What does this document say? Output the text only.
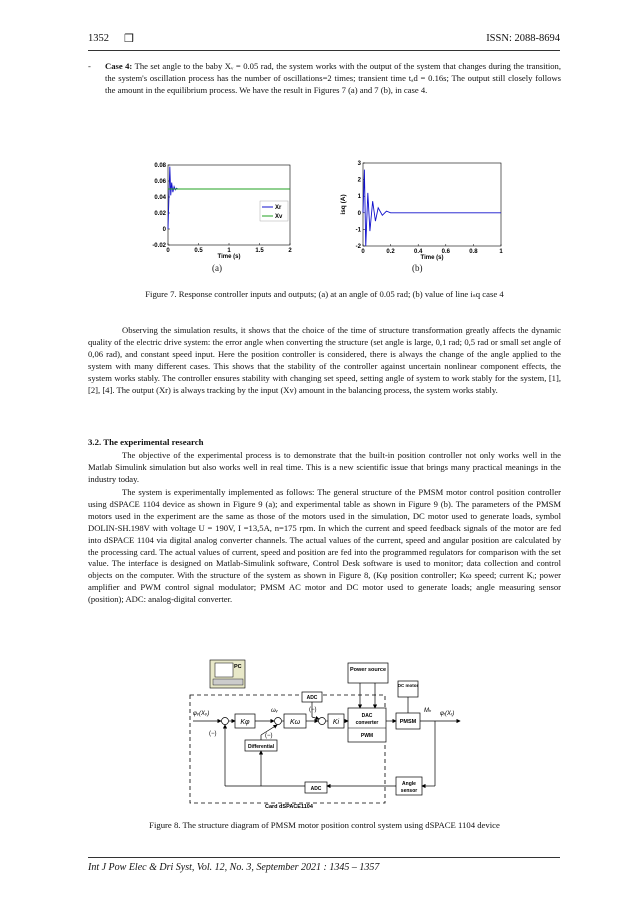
1352 ❒	ISSN: 2088-8694
- Case 4: The set angle to the baby Xᵥ = 0.05 rad, the system works with the output of the system that changes during the transition, the system's oscillation process has the number of oscillations=2 times; transient time tₐd = 0.16s; The output still closely follows the amount in the equilibrium process. We have the result in Figures 7 (a) and 7 (b), in case 4.
0	0.5	1	1.5	2
-0.02
0
0.02
0.04
0.06
0.08
Time (s)
Xr
Xv
0	0.2	0.4	0.6	0.8	1
-2
-1
0
1
2
3
Time (s)
isq (A)
(a)	(b)
Figure 7. Response controller inputs and outputs; (a) at an angle of 0.05 rad; (b) value of line iₛq case 4

Observing the simulation results, it shows that the choice of the time of structure transformation greatly affects the dynamic quality of the electric drive system: the error angle when converting the structure (set angle is large, 0,1 rad; 0,5 rad or small set angle of 0,06 rad), and constant speed input. Here the position controller is considered, there is always the change of the angle applied to the system with many different cases. This shows that the stability of the controller against uncertain nonlinear component effects, the system works stably. The controller ensures stability with changing set speed, setting angle of system to work stably for the system, [1], [2], [4]. The output (Xr) is always tracking by the input (Xv) amount in the balancing process, the system works stably.

3.2. The experimental research

The objective of the experimental process is to demonstrate that the built-in position controller not only works well in the Matlab Simulink simulation but also works well in real time. This is a new scientific issue that brings many practical meanings in the industry today.

The system is experimentally implemented as follows: The general structure of the PMSM motor control position controller using dSPACE 1104 device as shown in Figure 9 (a); and experimental table as shown in Figure 9 (b). The parameters of the PMSM motors used in the experiment are the same as those of the motors used in the simulation, DC motor used to generate loads, symbol DOLIN-SH.198V with voltage U = 190V, I =13,5A, n=175 rpm. In which the current and speed feedback signals of the motor are fed into dSPACE 1104 via digital analog converter channels. The actual values of the current, speed and angular position are calculated by the processing card. The actual values of current, speed and position are fed into the programmed regulators for comparison with the set value. The interface is designed on Matlab-Simulink software, Control Desk software is used to monitor; data collection and control objects on the computer. With the structure of the system as shown in Figure 8, (Kφ position controller; Kω speed; current Kᵢ; power amplifier and PWM control signal modulator; PMSM AC motor and DC motor used to generate loads; angle measuring sensor (position); ADC: analog-digital converter.

PC	Power source
DC motor
ADC
Kφ	Kω	Ki
DAC
converter
PWM
PMSM
Differential
ADC
Angle
sensor
φᵥ(Xᵥ)	φᵣ(Xᵣ)
ωᵥ	Mₕ
(−)	(−)
(−)
Card dSPACE1104
Figure 8. The structure diagram of PMSM motor position control system using dSPACE 1104 device
Int J Pow Elec & Dri Syst, Vol. 12, No. 3, September 2021 : 1345 – 1357
